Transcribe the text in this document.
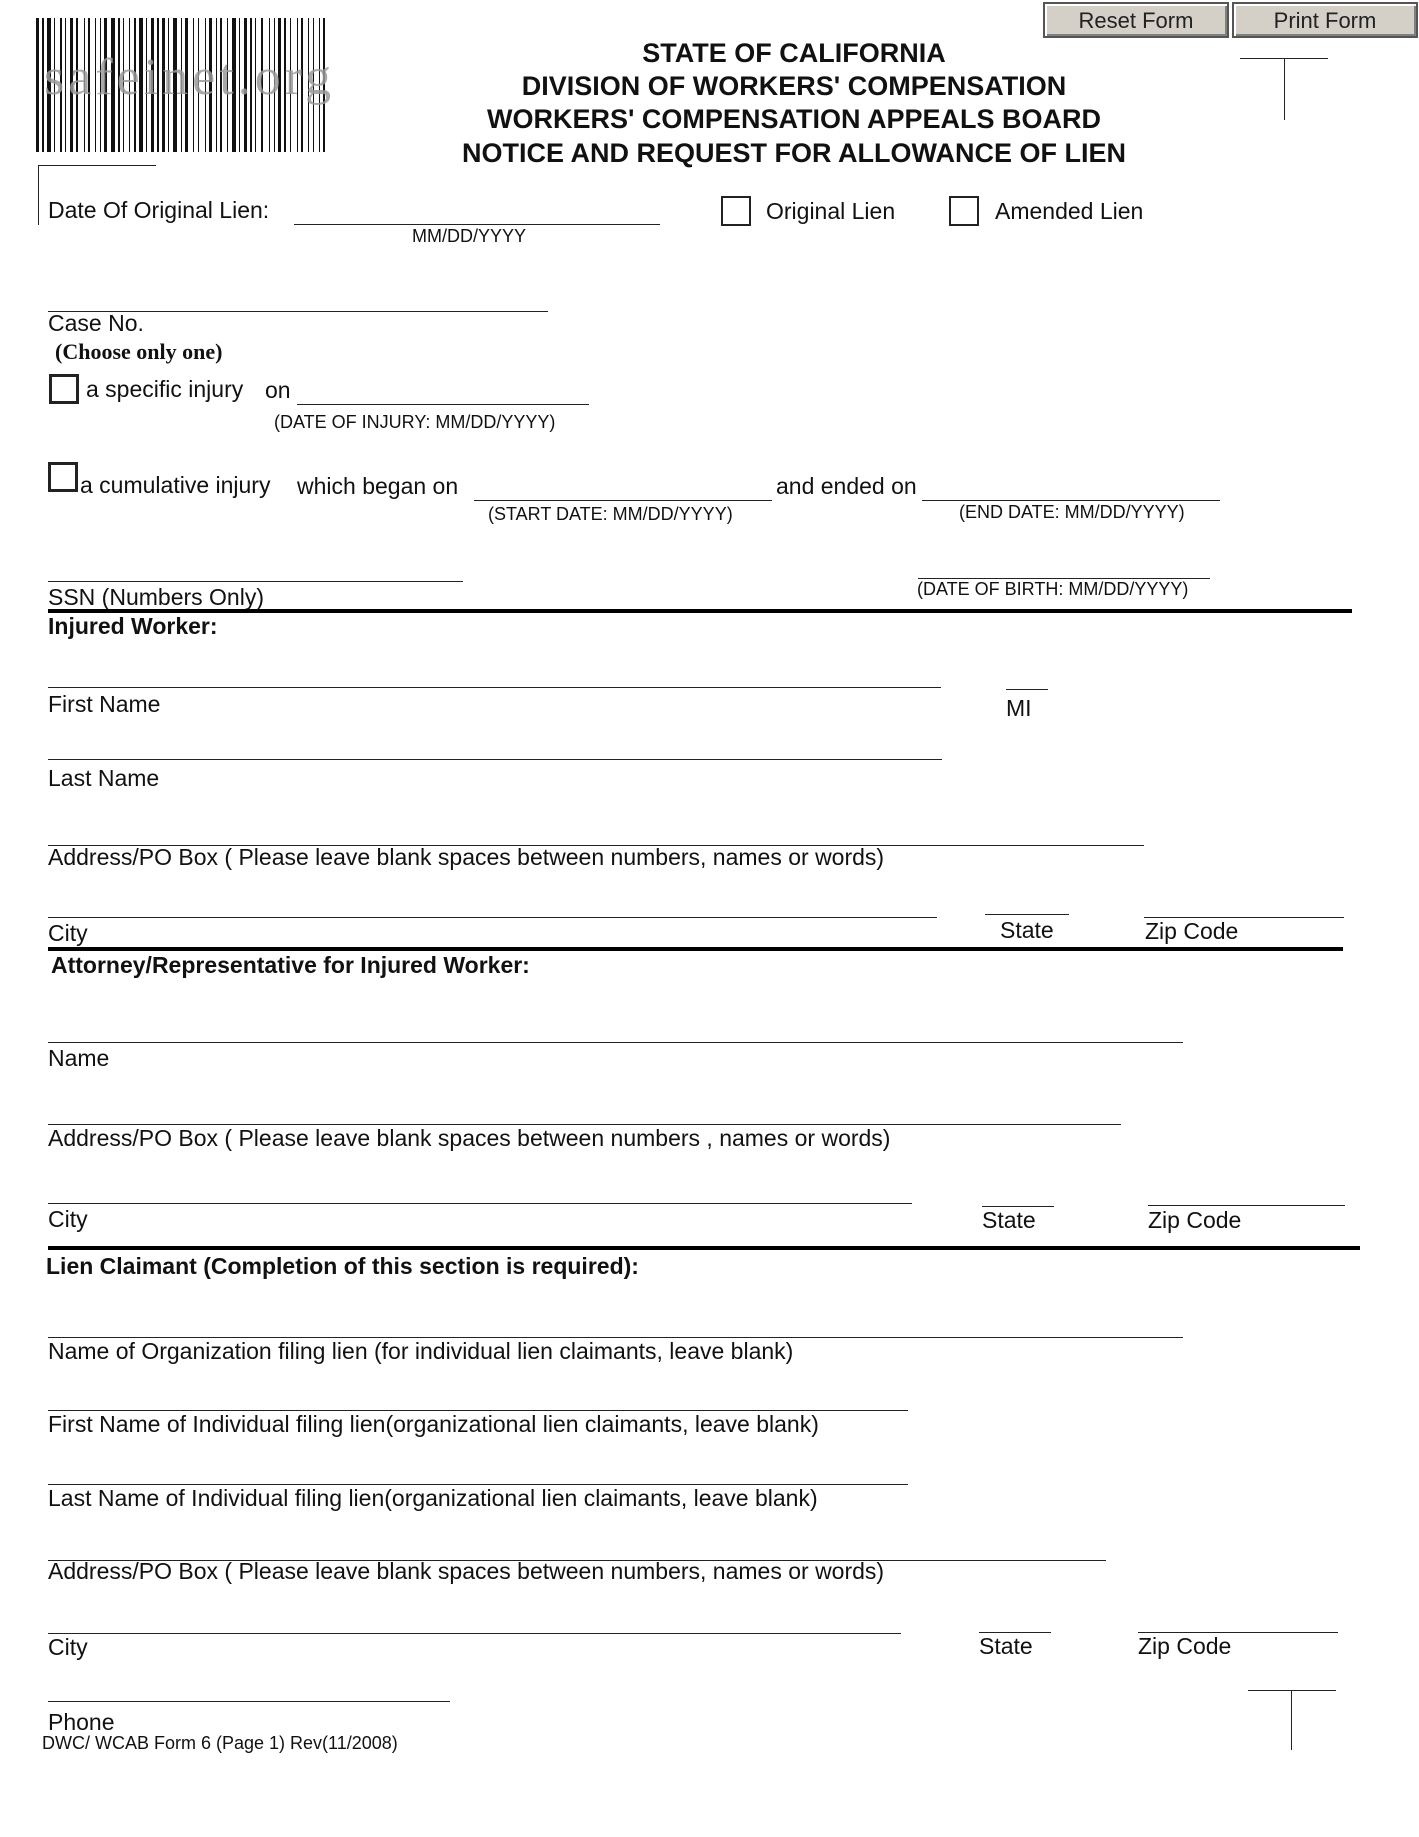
Reset Form	Print Form
safeinet.org	STATE OF CALIFORNIA
DIVISION OF WORKERS' COMPENSATION
WORKERS' COMPENSATION APPEALS BOARD
NOTICE AND REQUEST FOR ALLOWANCE OF LIEN
Date Of Original Lien:
MM/DD/YYYY
Original Lien	Amended Lien
Case No.
(Choose only one)
a specific injury on
(DATE OF INJURY: MM/DD/YYYY)
a cumulative injury which began on
(START DATE: MM/DD/YYYY)
and ended on
(END DATE: MM/DD/YYYY)
SSN (Numbers Only)	(DATE OF BIRTH: MM/DD/YYYY)
Injured Worker:
First Name	MI
Last Name
Address/PO Box ( Please leave blank spaces between numbers, names or words)
City	State	Zip Code
Attorney/Representative for Injured Worker:
Name
Address/PO Box ( Please leave blank spaces between numbers , names or words)
City	State	Zip Code
Lien Claimant (Completion of this section is required):
Name of Organization filing lien (for individual lien claimants, leave blank)
First Name of Individual filing lien(organizational lien claimants, leave blank)
Last Name of Individual filing lien(organizational lien claimants, leave blank)
Address/PO Box ( Please leave blank spaces between numbers, names or words)
City	State	Zip Code
Phone
DWC/ WCAB Form 6 (Page 1) Rev(11/2008)
